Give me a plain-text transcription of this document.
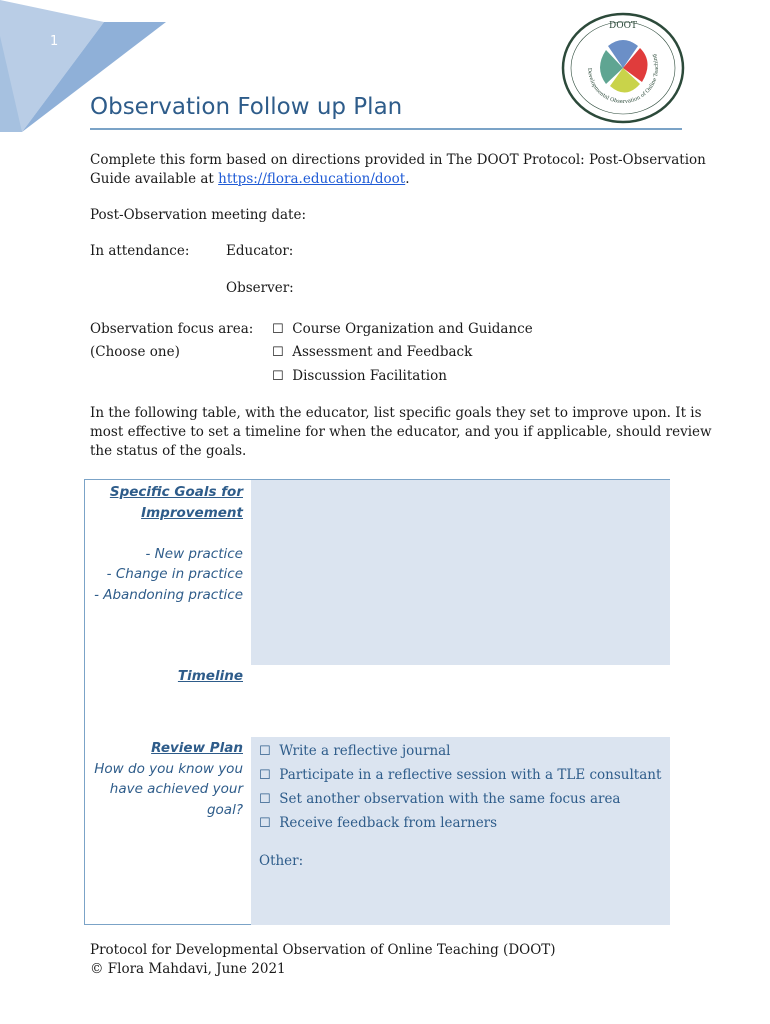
1
DOOT
Developmental Observation of Online Teaching
Observation Follow up Plan
Complete this form based on directions provided in The DOOT Protocol: Post-Observation
Guide available at https://flora.education/doot.
Post-Observation meeting date:
In attendance:	Educator:
Observer:
Observation focus area:
(Choose one)
☐ Course Organization and Guidance
☐ Assessment and Feedback
☐ Discussion Facilitation
In the following table, with the educator, list specific goals they set to improve upon. It is
most effective to set a timeline for when the educator, and you if applicable, should review
the status of the goals.
Specific Goals for
Improvement

- New practice
- Change in practice
- Abandoning practice
Timeline
Review Plan
How do you know you
have achieved your
goal?
☐ Write a reflective journal
☐ Participate in a reflective session with a TLE consultant
☐ Set another observation with the same focus area
☐ Receive feedback from learners
Other:
Protocol for Developmental Observation of Online Teaching (DOOT)
© Flora Mahdavi, June 2021
